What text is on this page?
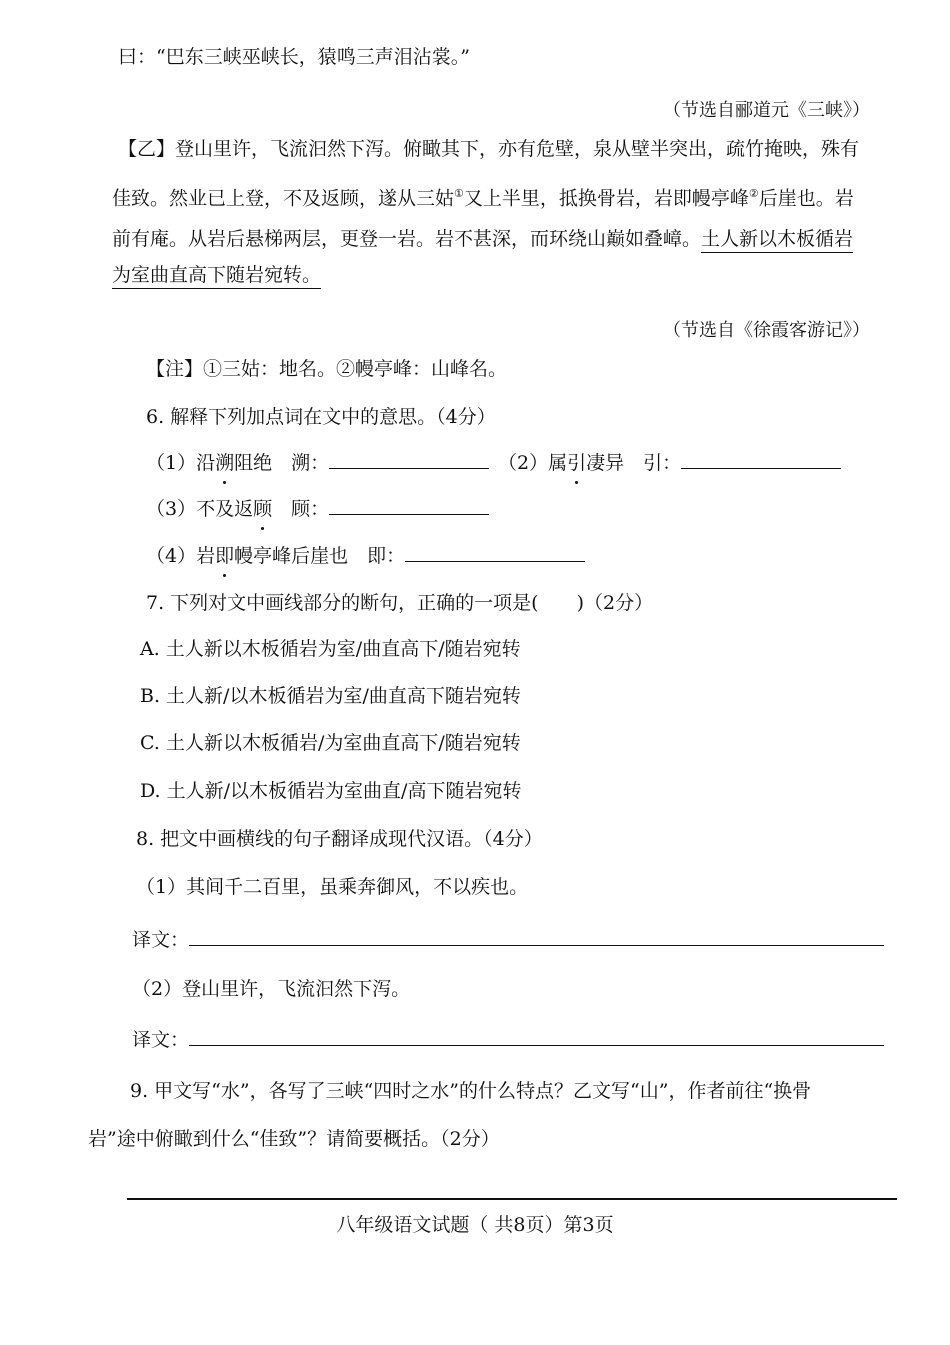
曰：“巴东三峡巫峡长，猿鸣三声泪沾裳。”
（节选自郦道元《三峡》）
【乙】登山里许，飞流汩然下泻。俯瞰其下，亦有危壁，泉从壁半突出，疏竹掩映，殊有
佳致。然业已上登，不及返顾，遂从三姑①又上半里，抵换骨岩，岩即幔亭峰②后崖也。岩
前有庵。从岩后悬梯两层，更登一岩。岩不甚深，而环绕山巅如叠嶂。土人新以木板循岩
为室曲直高下随岩宛转。
（节选自《徐霞客游记》）
【注】①三姑：地名。②幔亭峰：山峰名。
6. 解释下列加点词在文中的意思。（4分）
（1）沿溯阻绝　溯：	（2）属引凄异　引：
（3）不及返顾　顾：
（4）岩即幔亭峰后崖也　即：
7. 下列对文中画线部分的断句，正确的一项是(　　)（2分）
A. 土人新以木板循岩为室/曲直高下/随岩宛转
B. 土人新/以木板循岩为室/曲直高下随岩宛转
C. 土人新以木板循岩/为室曲直高下/随岩宛转
D. 土人新/以木板循岩为室曲直/高下随岩宛转
8. 把文中画横线的句子翻译成现代汉语。（4分）
（1）其间千二百里，虽乘奔御风，不以疾也。
译文：
（2）登山里许，飞流汩然下泻。
译文：
9. 甲文写“水”，各写了三峡“四时之水”的什么特点？乙文写“山”，作者前往“换骨
岩”途中俯瞰到什么“佳致”？请简要概括。（2分）
八年级语文试题（ 共8页）第3页
